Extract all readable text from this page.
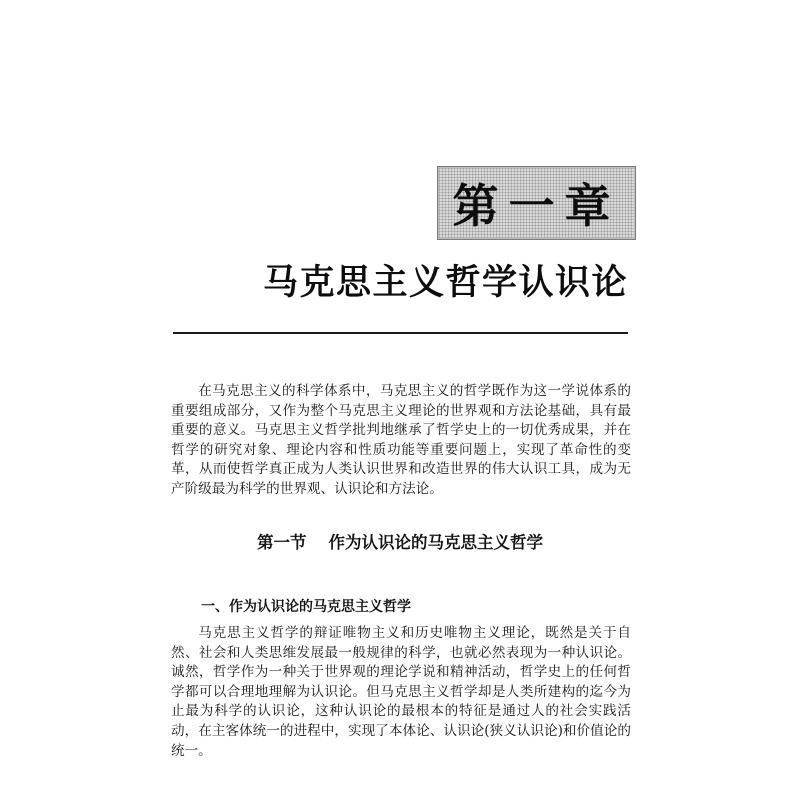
第一章
马克思主义哲学认识论

在马克思主义的科学体系中，马克思主义的哲学既作为这一学说体系的重要组成部分，又作为整个马克思主义理论的世界观和方法论基础，具有最重要的意义。马克思主义哲学批判地继承了哲学史上的一切优秀成果，并在哲学的研究对象、理论内容和性质功能等重要问题上，实现了革命性的变革，从而使哲学真正成为人类认识世界和改造世界的伟大认识工具，成为无产阶级最为科学的世界观、认识论和方法论。

第一节 作为认识论的马克思主义哲学
一、作为认识论的马克思主义哲学

马克思主义哲学的辩证唯物主义和历史唯物主义理论，既然是关于自然、社会和人类思维发展最一般规律的科学，也就必然表现为一种认识论。诚然，哲学作为一种关于世界观的理论学说和精神活动，哲学史上的任何哲学都可以合理地理解为认识论。但马克思主义哲学却是人类所建构的迄今为止最为科学的认识论，这种认识论的最根本的特征是通过人的社会实践活动，在主客体统一的进程中，实现了本体论、认识论(狭义认识论)和价值论的统一。
